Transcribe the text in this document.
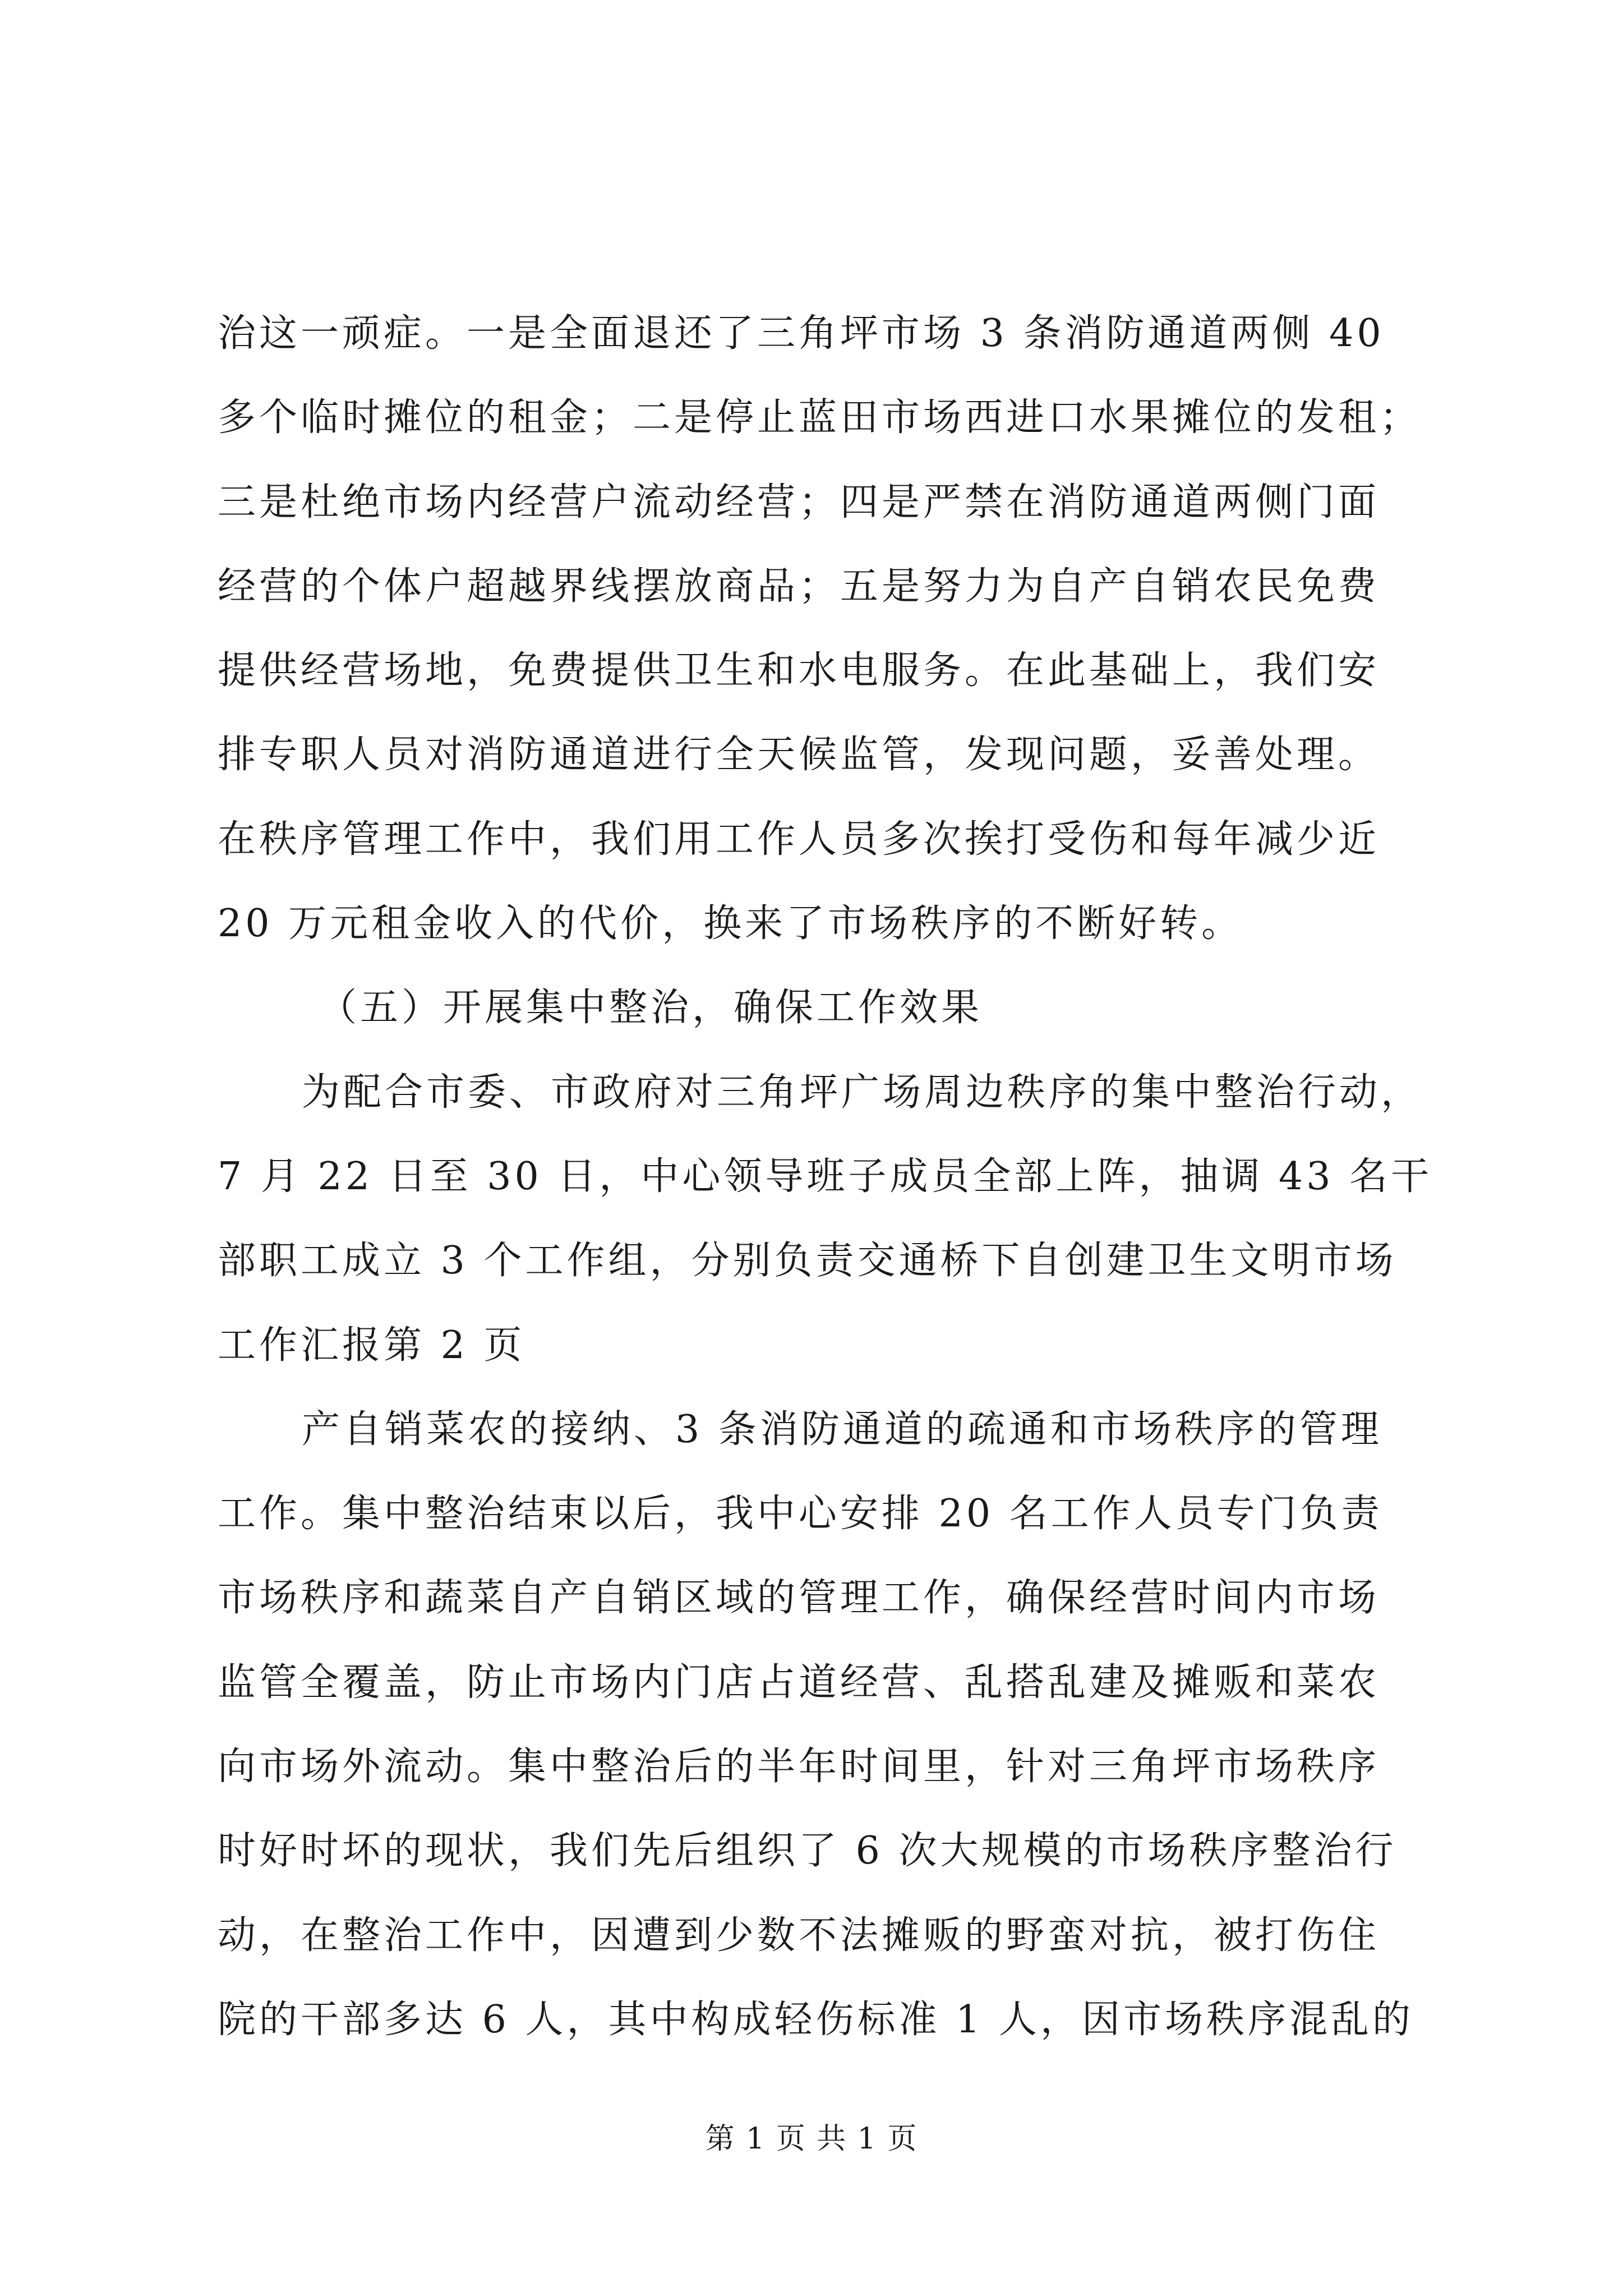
治这一顽症。一是全面退还了三角坪市场 3 条消防通道两侧 40
多个临时摊位的租金；二是停止蓝田市场西进口水果摊位的发租；
三是杜绝市场内经营户流动经营；四是严禁在消防通道两侧门面
经营的个体户超越界线摆放商品；五是努力为自产自销农民免费
提供经营场地，免费提供卫生和水电服务。在此基础上，我们安
排专职人员对消防通道进行全天候监管，发现问题，妥善处理。
在秩序管理工作中，我们用工作人员多次挨打受伤和每年减少近
20 万元租金收入的代价，换来了市场秩序的不断好转。
（五）开展集中整治，确保工作效果
为配合市委、市政府对三角坪广场周边秩序的集中整治行动，
7 月 22 日至 30 日，中心领导班子成员全部上阵，抽调 43 名干
部职工成立 3 个工作组，分别负责交通桥下自创建卫生文明市场
工作汇报第 2 页
产自销菜农的接纳、3 条消防通道的疏通和市场秩序的管理
工作。集中整治结束以后，我中心安排 20 名工作人员专门负责
市场秩序和蔬菜自产自销区域的管理工作，确保经营时间内市场
监管全覆盖，防止市场内门店占道经营、乱搭乱建及摊贩和菜农
向市场外流动。集中整治后的半年时间里，针对三角坪市场秩序
时好时坏的现状，我们先后组织了 6 次大规模的市场秩序整治行
动，在整治工作中，因遭到少数不法摊贩的野蛮对抗，被打伤住
院的干部多达 6 人，其中构成轻伤标准 1 人，因市场秩序混乱的
第 1 页 共 1 页
